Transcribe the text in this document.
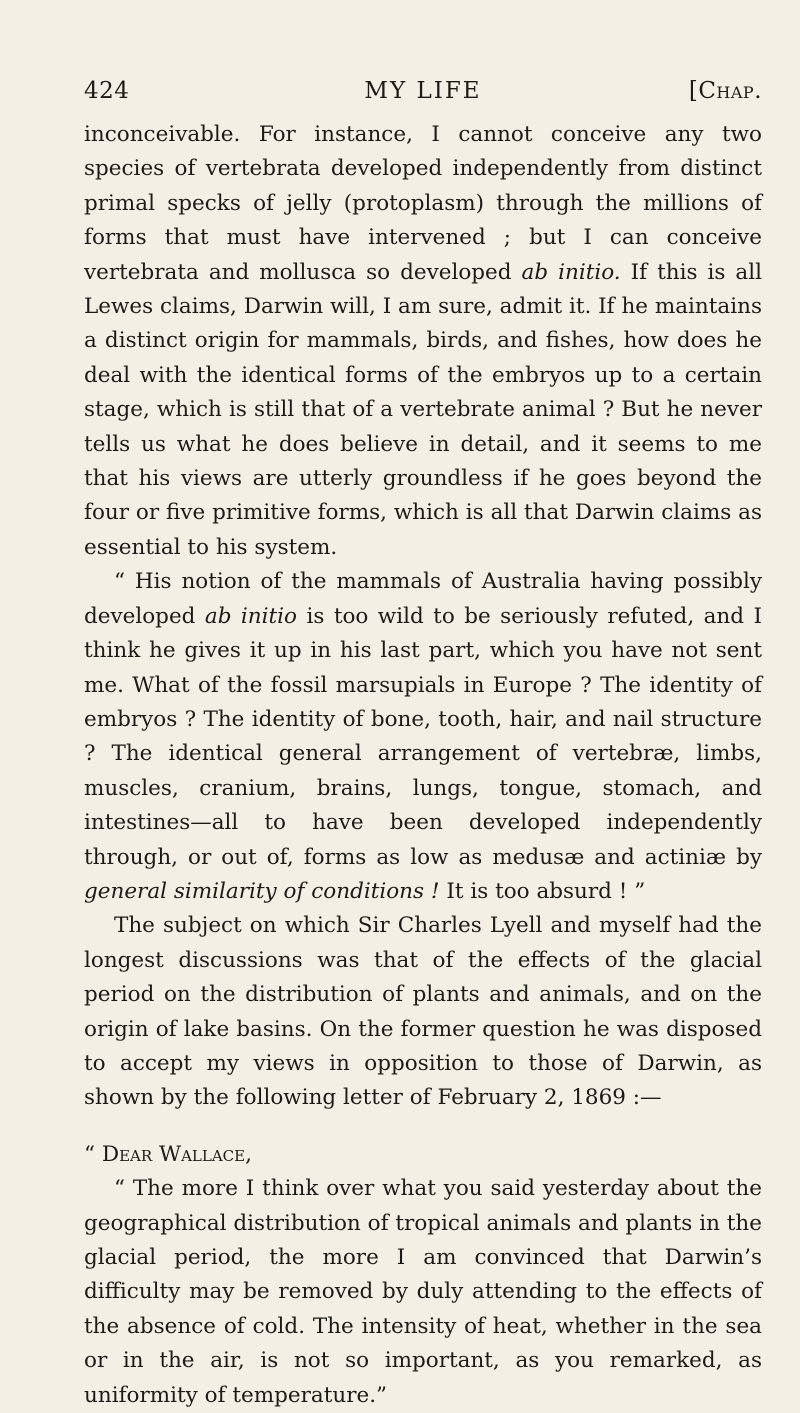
424	MY LIFE	[Chap.

inconceivable. For instance, I cannot conceive any two species of vertebrata developed independently from distinct primal specks of jelly (protoplasm) through the millions of forms that must have intervened ; but I can conceive vertebrata and mollusca so developed ab initio. If this is all Lewes claims, Darwin will, I am sure, admit it. If he maintains a distinct origin for mammals, birds, and fishes, how does he deal with the identical forms of the embryos up to a certain stage, which is still that of a vertebrate animal ? But he never tells us what he does believe in detail, and it seems to me that his views are utterly groundless if he goes beyond the four or five primitive forms, which is all that Darwin claims as essential to his system.

“ His notion of the mammals of Australia having possibly developed ab initio is too wild to be seriously refuted, and I think he gives it up in his last part, which you have not sent me. What of the fossil marsupials in Europe ? The identity of embryos ? The identity of bone, tooth, hair, and nail structure ? The identical general arrangement of vertebræ, limbs, muscles, cranium, brains, lungs, tongue, stomach, and intestines—all to have been developed independently through, or out of, forms as low as medusæ and actiniæ by general similarity of conditions ! It is too absurd ! ”

The subject on which Sir Charles Lyell and myself had the longest discussions was that of the effects of the glacial period on the distribution of plants and animals, and on the origin of lake basins. On the former question he was disposed to accept my views in opposition to those of Darwin, as shown by the following letter of February 2, 1869 :—

“ Dear Wallace,

“ The more I think over what you said yesterday about the geographical distribution of tropical animals and plants in the glacial period, the more I am convinced that Darwin’s difficulty may be removed by duly attending to the effects of the absence of cold. The intensity of heat, whether in the sea or in the air, is not so important, as you remarked, as uniformity of temperature.”
